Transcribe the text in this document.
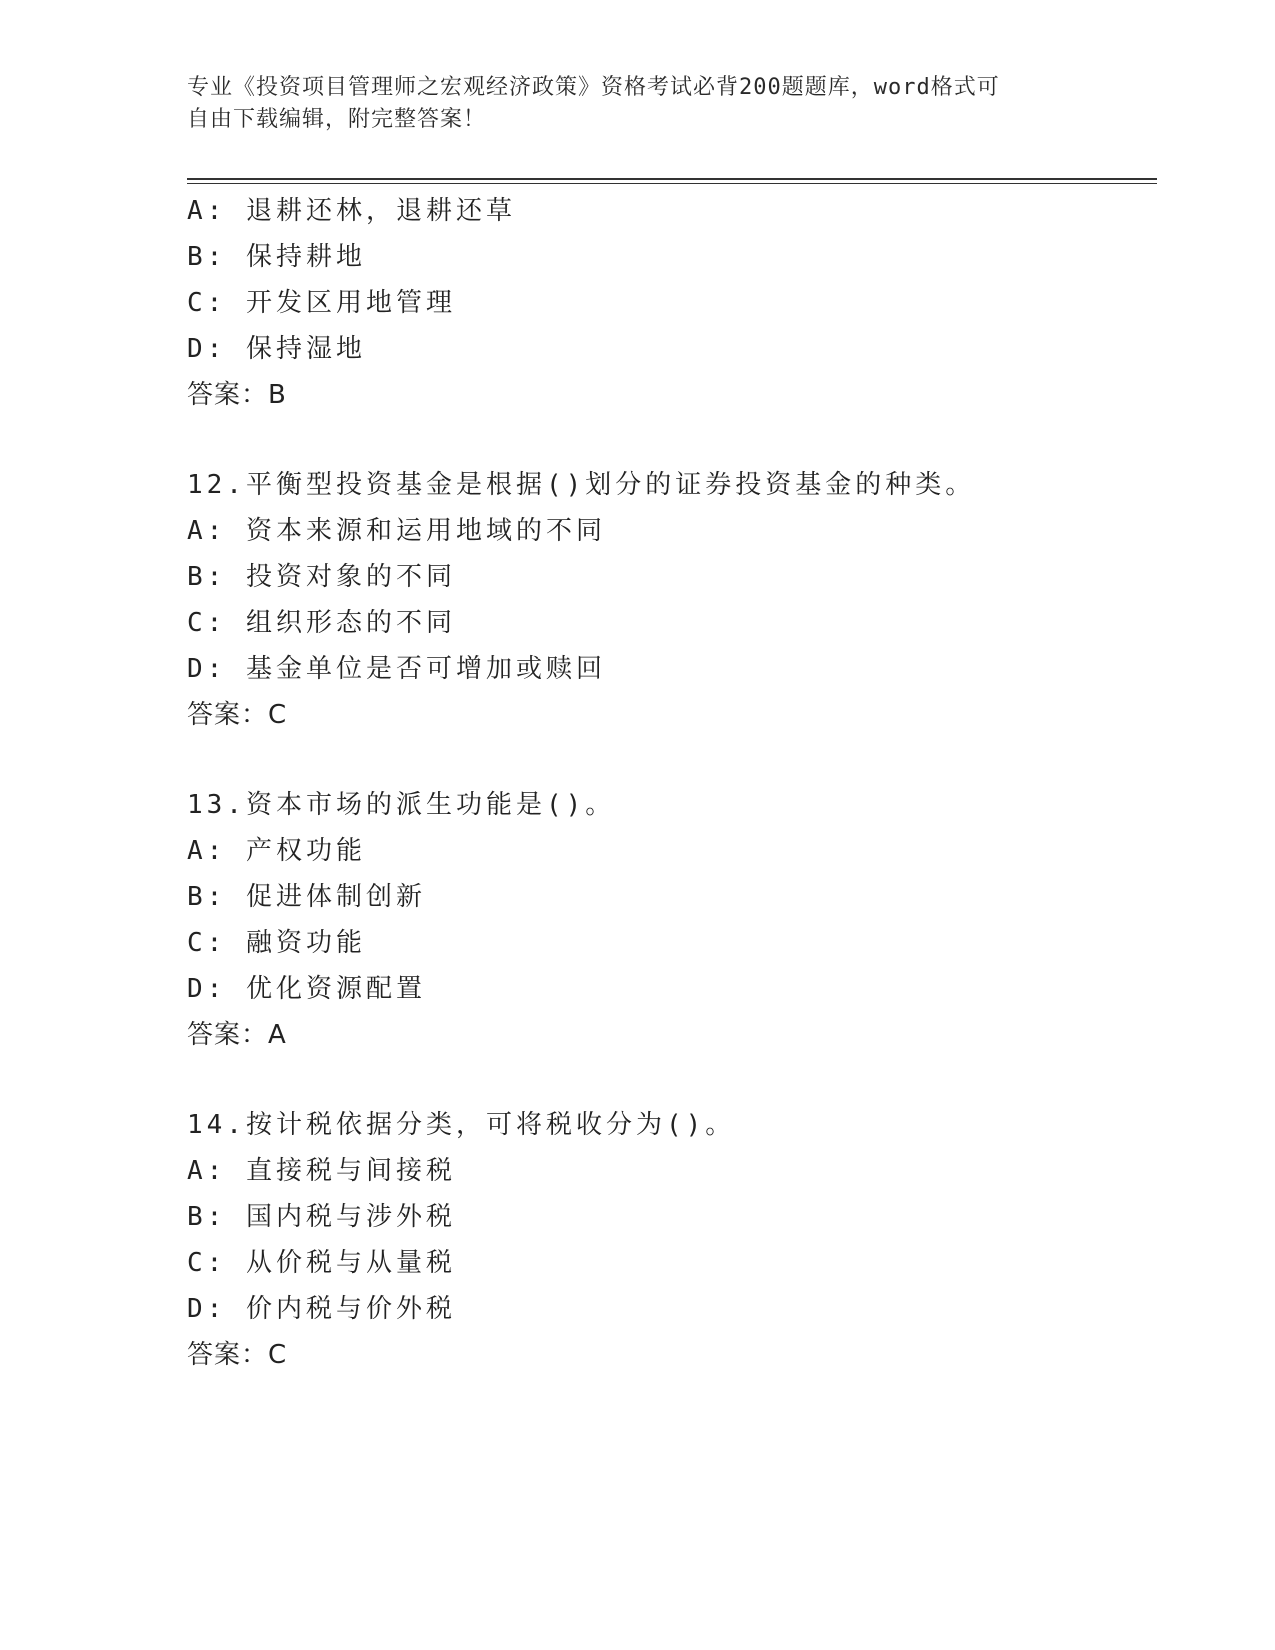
专业《投资项目管理师之宏观经济政策》资格考试必背200题题库，word格式可
自由下载编辑，附完整答案！
A: 退耕还林，退耕还草
B: 保持耕地
C: 开发区用地管理
D: 保持湿地
答案：B
12.平衡型投资基金是根据()划分的证券投资基金的种类。
A: 资本来源和运用地域的不同
B: 投资对象的不同
C: 组织形态的不同
D: 基金单位是否可增加或赎回
答案：C
13.资本市场的派生功能是()。
A: 产权功能
B: 促进体制创新
C: 融资功能
D: 优化资源配置
答案：A
14.按计税依据分类，可将税收分为()。
A: 直接税与间接税
B: 国内税与涉外税
C: 从价税与从量税
D: 价内税与价外税
答案：C
